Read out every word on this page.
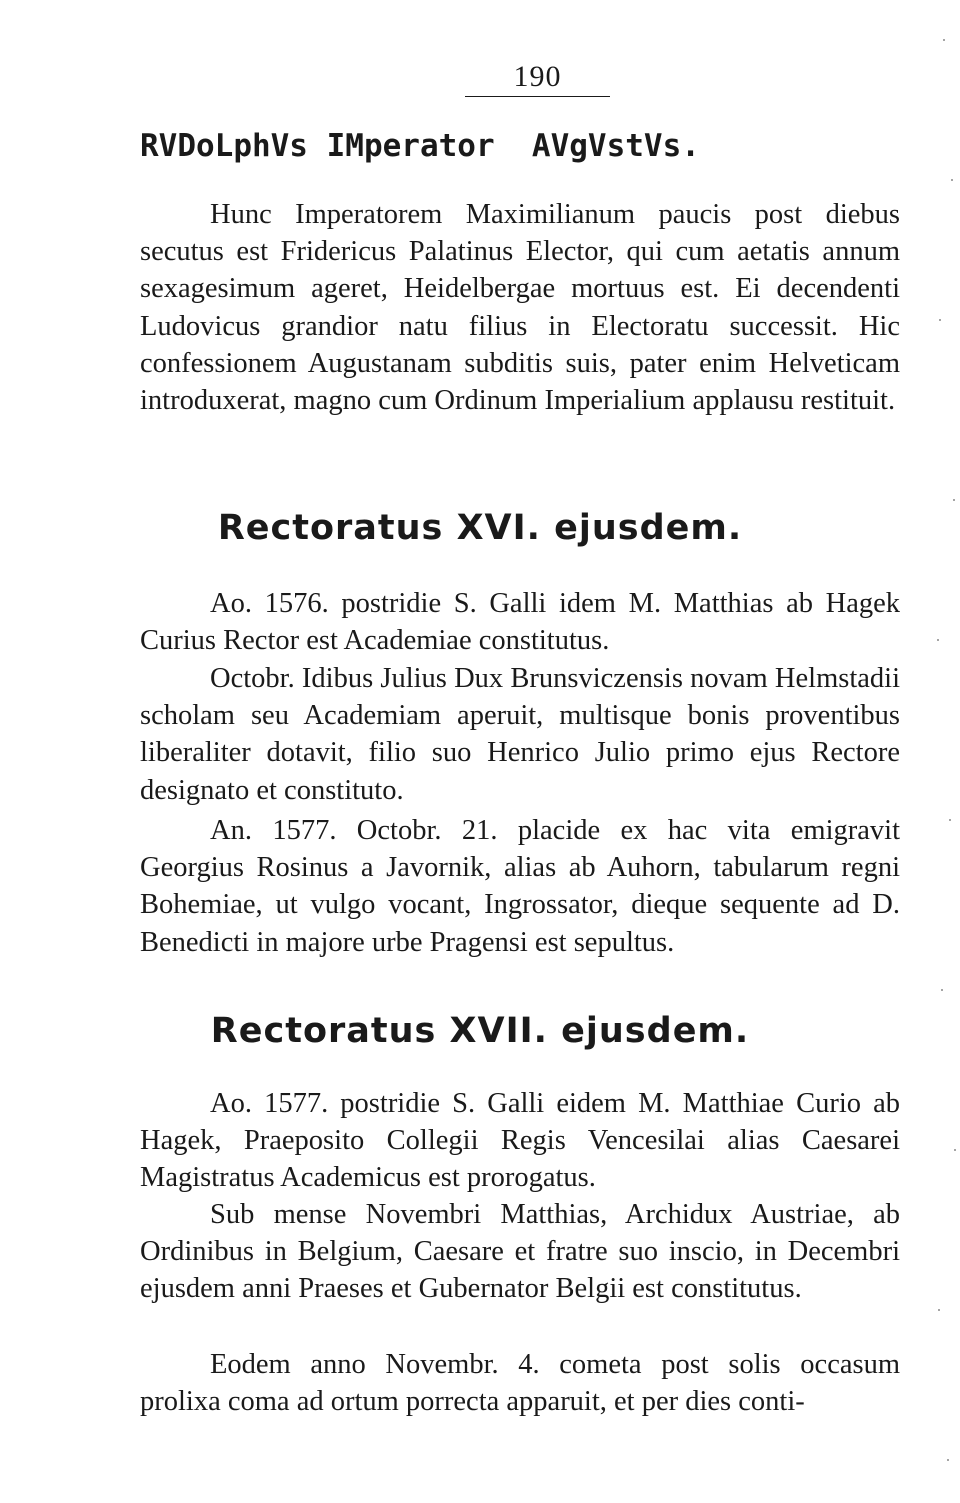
190
RVDoLphVs IMperator  AVgVstVs.

Hunc Imperatorem Maximilianum paucis post diebus secutus est Fridericus Palatinus Elector, qui cum aetatis annum sexagesimum ageret, Heidelbergae mortuus est. Ei decendenti Ludovicus grandior natu filius in Electoratu successit. Hic confessionem Augustanam subditis suis, pater enim Helveticam introduxerat, magno cum Ordinum Imperialium applausu restituit.

Rectoratus XVI. ejusdem.

Ao. 1576. postridie S. Galli idem M. Matthias ab Hagek Curius Rector est Academiae constitutus.

Octobr. Idibus Julius Dux Brunsviczensis novam Helmstadii scholam seu Academiam aperuit, multisque bonis proventibus liberaliter dotavit, filio suo Henrico Julio primo ejus Rectore designato et constituto.

An. 1577. Octobr. 21. placide ex hac vita emigravit Georgius Rosinus a Javornik, alias ab Auhorn, tabularum regni Bohemiae, ut vulgo vocant, Ingrossator, dieque sequente ad D. Benedicti in majore urbe Pragensi est sepultus.

Rectoratus XVII. ejusdem.

Ao. 1577. postridie S. Galli eidem M. Matthiae Curio ab Hagek, Praeposito Collegii Regis Vencesilai alias Caesarei Magistratus Academicus est prorogatus.

Sub mense Novembri Matthias, Archidux Austriae, ab Ordinibus in Belgium, Caesare et fratre suo inscio, in Decembri ejusdem anni Praeses et Gubernator Belgii est constitutus.

Eodem anno Novembr. 4. cometa post solis occasum prolixa coma ad ortum porrecta apparuit, et per dies conti-
